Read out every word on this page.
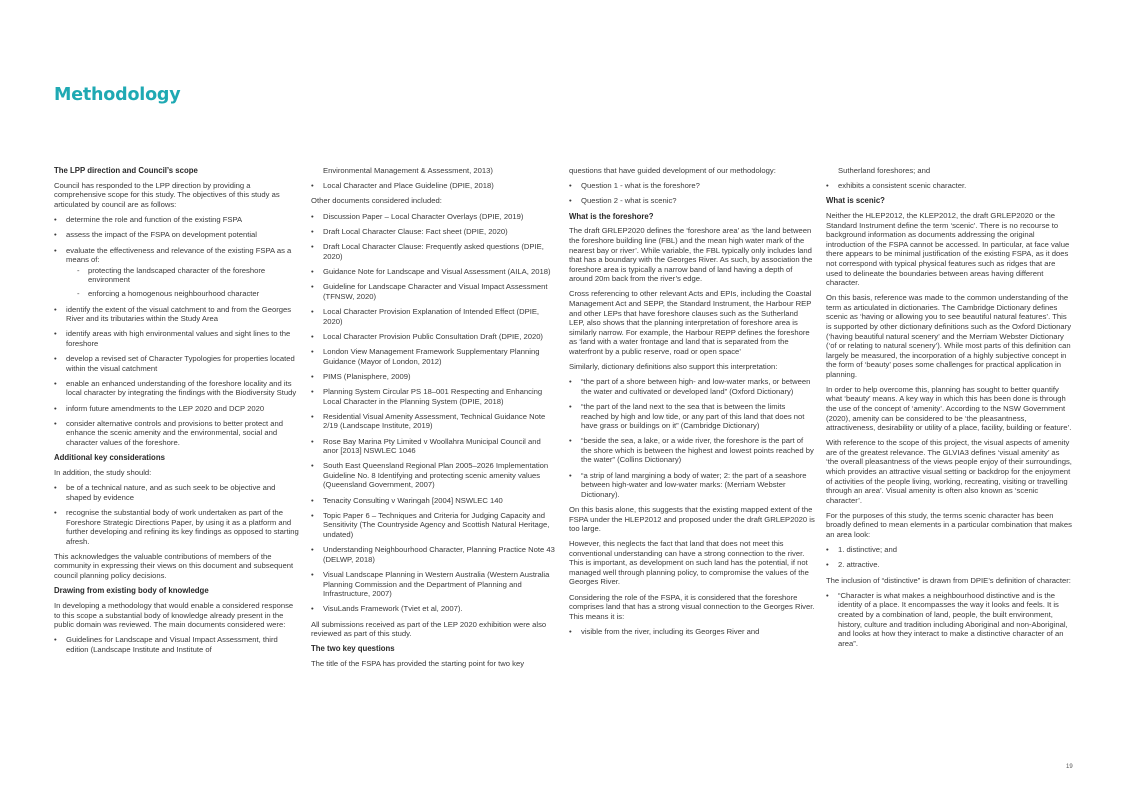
Methodology
The LPP direction and Council’s scope

Council has responded to the LPP direction by providing a comprehensive scope for this study. The objectives of this study as articulated by council are as follows:

• determine the role and function of the existing FSPA
• assess the impact of the FSPA on development potential
• evaluate the effectiveness and relevance of the existing FSPA as a means of:
- protecting the landscaped character of the foreshore environment
- enforcing a homogenous neighbourhood character
• identify the extent of the visual catchment to and from the Georges River and its tributaries within the Study Area
• identify areas with high environmental values and sight lines to the foreshore
• develop a revised set of Character Typologies for properties located within the visual catchment
• enable an enhanced understanding of the foreshore locality and its local character by integrating the findings with the Biodiversity Study
• inform future amendments to the LEP 2020 and DCP 2020
• consider alternative controls and provisions to better protect and enhance the scenic amenity and the environmental, social and character values of the foreshore.
Additional key considerations

In addition, the study should:

• be of a technical nature, and as such seek to be objective and shaped by evidence
• recognise the substantial body of work undertaken as part of the Foreshore Strategic Directions Paper, by using it as a platform and further developing and refining its key findings as opposed to starting afresh.

This acknowledges the valuable contributions of members of the community in expressing their views on this document and subsequent council planning policy decisions.

Drawing from existing body of knowledge

In developing a methodology that would enable a considered response to this scope a substantial body of knowledge already present in the public domain was reviewed. The main documents considered were:

• Guidelines for Landscape and Visual Impact Assessment, third edition (Landscape Institute and Institute of

Environmental Management & Assessment, 2013)

• Local Character and Place Guideline (DPIE, 2018)

Other documents considered included:

• Discussion Paper – Local Character Overlays (DPIE, 2019)
• Draft Local Character Clause: Fact sheet (DPIE, 2020)
• Draft Local Character Clause: Frequently asked questions (DPIE, 2020)
• Guidance Note for Landscape and Visual Assessment (AILA, 2018)
• Guideline for Landscape Character and Visual Impact Assessment (TFNSW, 2020)
• Local Character Provision Explanation of Intended Effect (DPIE, 2020)
• Local Character Provision Public Consultation Draft (DPIE, 2020)
• London View Management Framework Supplementary Planning Guidance (Mayor of London, 2012)
• PIMS (Planisphere, 2009)
• Planning System Circular PS 18–001 Respecting and Enhancing Local Character in the Planning System (DPIE, 2018)
• Residential Visual Amenity Assessment, Technical Guidance Note 2/19 (Landscape Institute, 2019)
• Rose Bay Marina Pty Limited v Woollahra Municipal Council and anor [2013] NSWLEC 1046
• South East Queensland Regional Plan 2005–2026 Implementation Guideline No. 8 Identifying and protecting scenic amenity values (Queensland Government, 2007)
• Tenacity Consulting v Waringah [2004] NSWLEC 140
• Topic Paper 6 – Techniques and Criteria for Judging Capacity and Sensitivity (The Countryside Agency and Scottish Natural Heritage, undated)
• Understanding Neighbourhood Character, Planning Practice Note 43 (DELWP, 2018)
• Visual Landscape Planning in Western Australia (Western Australia Planning Commission and the Department of Planning and Infrastructure, 2007)
• VisuLands Framework (Tviet et al, 2007).

All submissions received as part of the LEP 2020 exhibition were also reviewed as part of this study.

The two key questions

The title of the FSPA has provided the starting point for two key

questions that have guided development of our methodology:

• Question 1 - what is the foreshore?
• Question 2 - what is scenic?
What is the foreshore?

The draft GRLEP2020 defines the ‘foreshore area’ as ‘the land between the foreshore building line (FBL) and the mean high water mark of the nearest bay or river’. While variable, the FBL typically only includes land that has a boundary with the Georges River. As such, by association the foreshore area is typically a narrow band of land having a depth of around 20m back from the river’s edge.

Cross referencing to other relevant Acts and EPIs, including the Coastal Management Act and SEPP, the Standard Instrument, the Harbour REP and other LEPs that have foreshore clauses such as the Sutherland LEP, also shows that the planning interpretation of foreshore area is similarly narrow. For example, the Harbour REPP defines the foreshore as ‘land with a water frontage and land that is separated from the waterfront by a public reserve, road or open space’

Similarly, dictionary definitions also support this interpretation:

• “the part of a shore between high- and low-water marks, or between the water and cultivated or developed land” (Oxford Dictionary)
• “the part of the land next to the sea that is between the limits reached by high and low tide, or any part of this land that does not have grass or buildings on it” (Cambridge Dictionary)
• “beside the sea, a lake, or a wide river, the foreshore is the part of the shore which is between the highest and lowest points reached by the water” (Collins Dictionary)
• “a strip of land margining a body of water; 2: the part of a seashore between high-water and low-water marks: (Merriam Webster Dictionary).

On this basis alone, this suggests that the existing mapped extent of the FSPA under the HLEP2012 and proposed under the draft GRLEP2020 is too large.

However, this neglects the fact that land that does not meet this conventional understanding can have a strong connection to the river. This is important, as development on such land has the potential, if not managed well through planning policy, to compromise the values of the Georges River.

Considering the role of the FSPA, it is considered that the foreshore comprises land that has a strong visual connection to the Georges River. This means it is:

• visible from the river, including its Georges River and

Sutherland foreshores; and

• exhibits a consistent scenic character.
What is scenic?

Neither the HLEP2012, the KLEP2012, the draft GRLEP2020 or the Standard Instrument define the term ‘scenic’. There is no recourse to background information as documents addressing the original introduction of the FSPA cannot be accessed. In particular, at face value there appears to be minimal justification of the existing FSPA, as it does not correspond with typical physical features such as ridges that are used to delineate the boundaries between areas having different character.

On this basis, reference was made to the common understanding of the term as articulated in dictionaries. The Cambridge Dictionary defines scenic as ‘having or allowing you to see beautiful natural features’. This is supported by other dictionary definitions such as the Oxford Dictionary (‘having beautiful natural scenery’ and the Merriam Webster Dictionary (‘of or relating to natural scenery’). While most parts of this definition can largely be measured, the incorporation of a highly subjective concept in the form of ‘beauty’ poses some challenges for practical application in planning.

In order to help overcome this, planning has sought to better quantify what ‘beauty’ means. A key way in which this has been done is through the use of the concept of ‘amenity’. According to the NSW Government (2020), amenity can be considered to be ‘the pleasantness, attractiveness, desirability or utility of a place, facility, building or feature’.

With reference to the scope of this project, the visual aspects of amenity are of the greatest relevance. The GLVIA3 defines ‘visual amenity’ as ‘the overall pleasantness of the views people enjoy of their surroundings, which provides an attractive visual setting or backdrop for the enjoyment of activities of the people living, working, recreating, visiting or travelling through an area’. Visual amenity is often also known as ‘scenic character’.

For the purposes of this study, the terms scenic character has been broadly defined to mean elements in a particular combination that makes an area look:

• 1. distinctive; and
• 2. attractive.

The inclusion of “distinctive” is drawn from DPIE’s definition of character:

• “Character is what makes a neighbourhood distinctive and is the identity of a place. It encompasses the way it looks and feels. It is created by a combination of land, people, the built environment, history, culture and tradition including Aboriginal and non-Aboriginal, and looks at how they interact to make a distinctive character of an area”.
19
